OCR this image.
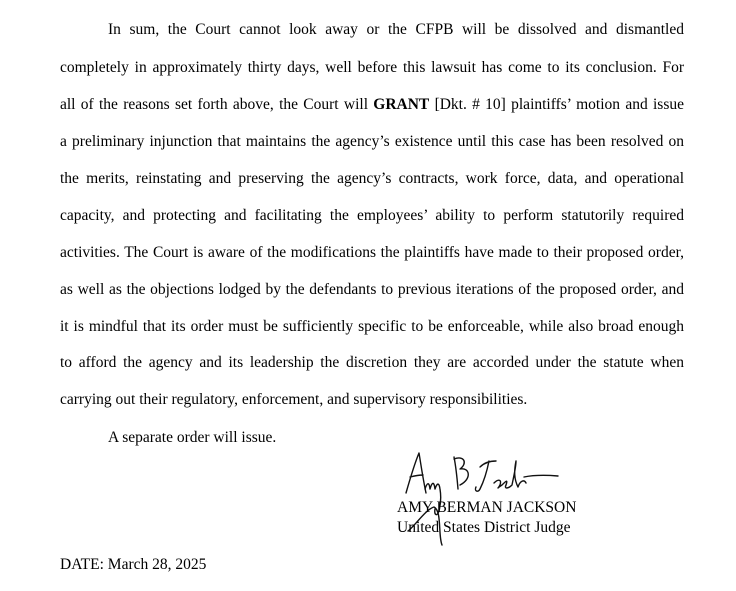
In sum, the Court cannot look away or the CFPB will be dissolved and dismantled
completely in approximately thirty days, well before this lawsuit has come to its conclusion. For
all of the reasons set forth above, the Court will GRANT [Dkt. # 10] plaintiffs’ motion and issue
a preliminary injunction that maintains the agency’s existence until this case has been resolved on
the merits, reinstating and preserving the agency’s contracts, work force, data, and operational
capacity, and protecting and facilitating the employees’ ability to perform statutorily required
activities. The Court is aware of the modifications the plaintiffs have made to their proposed order,
as well as the objections lodged by the defendants to previous iterations of the proposed order, and
it is mindful that its order must be sufficiently specific to be enforceable, while also broad enough
to afford the agency and its leadership the discretion they are accorded under the statute when
carrying out their regulatory, enforcement, and supervisory responsibilities.
A separate order will issue.
AMY BERMAN JACKSON
United States District Judge
DATE: March 28, 2025
